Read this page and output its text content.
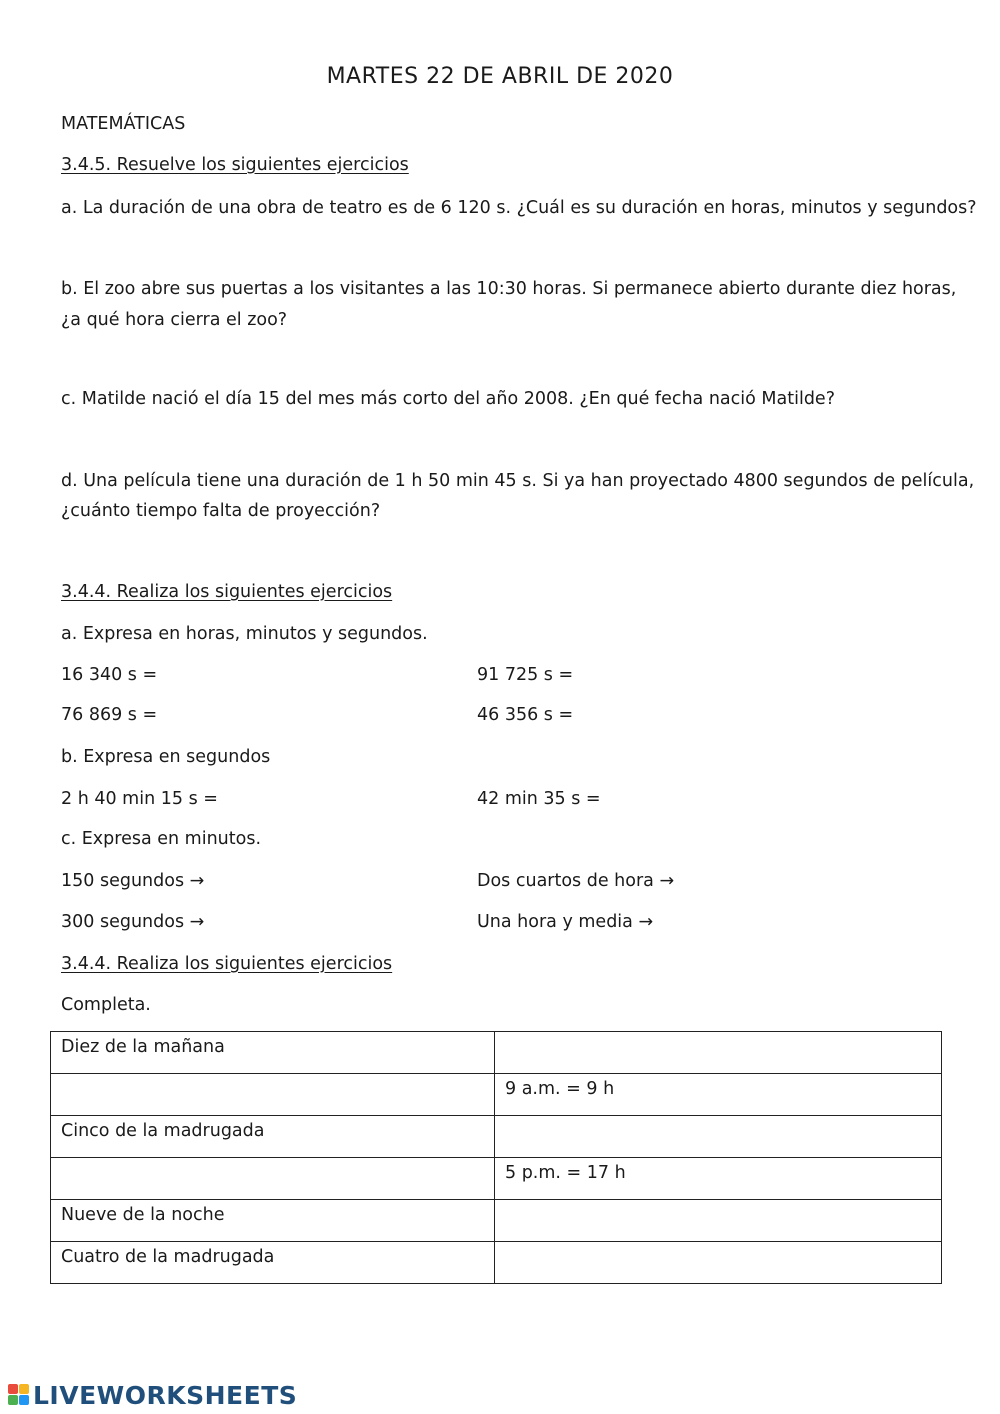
MARTES 22 DE ABRIL DE 2020
MATEMÁTICAS
3.4.5. Resuelve los siguientes ejercicios
a. La duración de una obra de teatro es de 6 120 s. ¿Cuál es su duración en horas, minutos y segundos?
b. El zoo abre sus puertas a los visitantes a las 10:30 horas. Si permanece abierto durante diez horas,
¿a qué hora cierra el zoo?
c. Matilde nació el día 15 del mes más corto del año 2008. ¿En qué fecha nació Matilde?
d. Una película tiene una duración de 1 h 50 min 45 s. Si ya han proyectado 4800 segundos de película,
¿cuánto tiempo falta de proyección?
3.4.4. Realiza los siguientes ejercicios
a. Expresa en horas, minutos y segundos.
16 340 s =	91 725 s =
76 869 s =	46 356 s =
b. Expresa en segundos
2 h 40 min 15 s =	42 min 35 s =
c. Expresa en minutos.
150 segundos →	Dos cuartos de hora →
300 segundos →	Una hora y media →
3.4.4. Realiza los siguientes ejercicios
Completa.
Diez de la mañana	
	9 a.m. = 9 h
Cinco de la madrugada	
	5 p.m. = 17 h
Nueve de la noche	
Cuatro de la madrugada	
LIVEWORKSHEETS
